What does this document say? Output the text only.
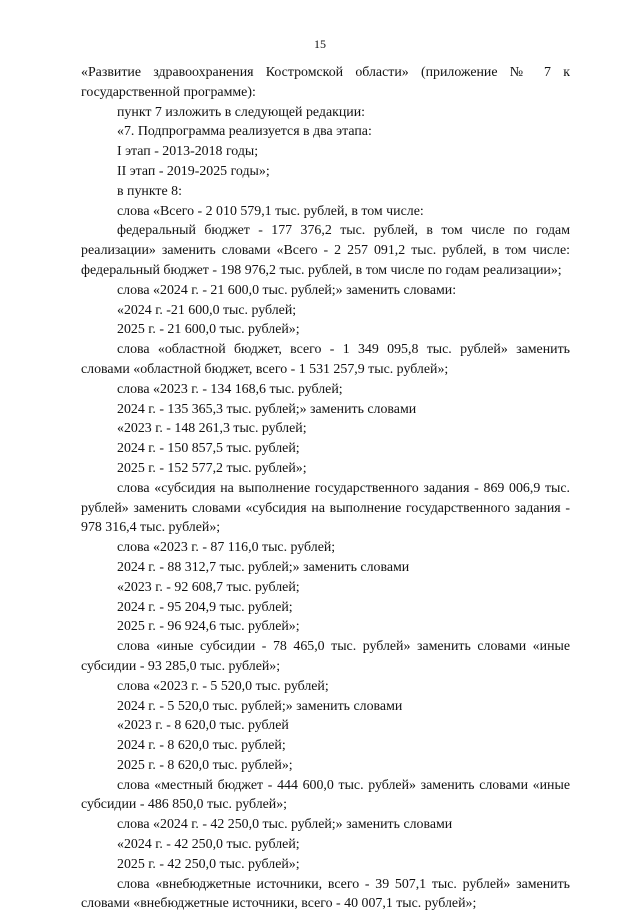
15

«Развитие здравоохранения Костромской области» (приложение № 7 к государственной программе):

пункт 7 изложить в следующей редакции:

«7. Подпрограмма реализуется в два этапа:

I этап - 2013-2018 годы;

II этап - 2019-2025 годы»;

в пункте 8:

слова «Всего - 2 010 579,1 тыс. рублей, в том числе:

федеральный бюджет - 177 376,2 тыс. рублей, в том числе по годам реализации» заменить словами «Всего - 2 257 091,2 тыс. рублей, в том числе: федеральный бюджет - 198 976,2 тыс. рублей, в том числе по годам реализации»;

слова «2024 г. - 21 600,0 тыс. рублей;» заменить словами:

«2024 г. -21 600,0 тыс. рублей;

2025 г. - 21 600,0 тыс. рублей»;

слова «областной бюджет, всего - 1 349 095,8 тыс. рублей» заменить словами «областной бюджет, всего - 1 531 257,9 тыс. рублей»;

слова «2023 г. - 134 168,6 тыс. рублей;

2024 г. - 135 365,3 тыс. рублей;» заменить словами

«2023 г. - 148 261,3 тыс. рублей;

2024 г. - 150 857,5 тыс. рублей;

2025 г. - 152 577,2 тыс. рублей»;

слова «субсидия на выполнение государственного задания - 869 006,9 тыс. рублей» заменить словами «субсидия на выполнение государственного задания - 978 316,4 тыс. рублей»;

слова «2023 г. - 87 116,0 тыс. рублей;

2024 г. - 88 312,7 тыс. рублей;» заменить словами

«2023 г. - 92 608,7 тыс. рублей;

2024 г. - 95 204,9 тыс. рублей;

2025 г. - 96 924,6 тыс. рублей»;

слова «иные субсидии - 78 465,0 тыс. рублей» заменить словами «иные субсидии - 93 285,0 тыс. рублей»;

слова «2023 г. - 5 520,0 тыс. рублей;

2024 г. - 5 520,0 тыс. рублей;» заменить словами

«2023 г. - 8 620,0 тыс. рублей

2024 г. - 8 620,0 тыс. рублей;

2025 г. - 8 620,0 тыс. рублей»;

слова «местный бюджет - 444 600,0 тыс. рублей» заменить словами «иные субсидии - 486 850,0 тыс. рублей»;

слова «2024 г. - 42 250,0 тыс. рублей;» заменить словами

«2024 г. - 42 250,0 тыс. рублей;

2025 г. - 42 250,0 тыс. рублей»;

слова «внебюджетные источники, всего - 39 507,1 тыс. рублей» заменить словами «внебюджетные источники, всего - 40 007,1 тыс. рублей»;
